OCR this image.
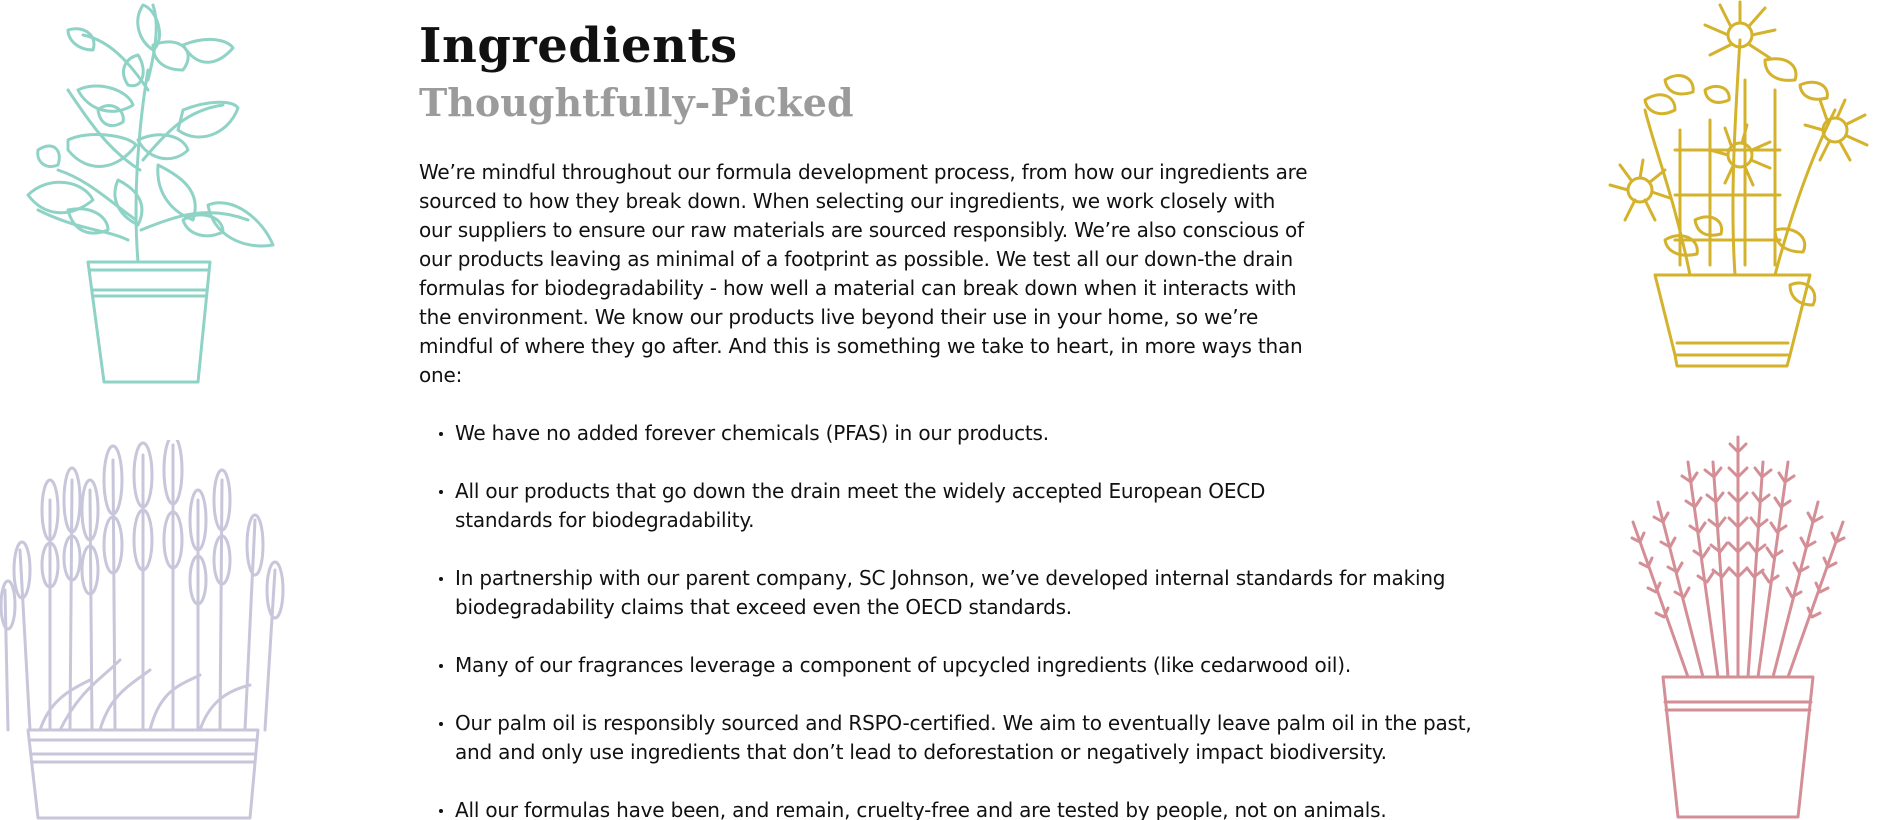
Ingredients
Thoughtfully-Picked

We’re mindful throughout our formula development process, from how our ingredients are sourced to how they break down. When selecting our ingredients, we work closely with our suppliers to ensure our raw materials are sourced responsibly. We’re also conscious of our products leaving as minimal of a footprint as possible. We test all our down-the drain formulas for biodegradability - how well a material can break down when it interacts with the environment. We know our products live beyond their use in your home, so we’re mindful of where they go after. And this is something we take to heart, in more ways than one:

We have no added forever chemicals (PFAS) in our products.
All our products that go down the drain meet the widely accepted European OECD standards for biodegradability.
In partnership with our parent company, SC Johnson, we’ve developed internal standards for making biodegradability claims that exceed even the OECD standards.
Many of our fragrances leverage a component of upcycled ingredients (like cedarwood oil).
Our palm oil is responsibly sourced and RSPO-certified. We aim to eventually leave palm oil in the past, and and only use ingredients that don’t lead to deforestation or negatively impact biodiversity.
All our formulas have been, and remain, cruelty-free and are tested by people, not on animals.
